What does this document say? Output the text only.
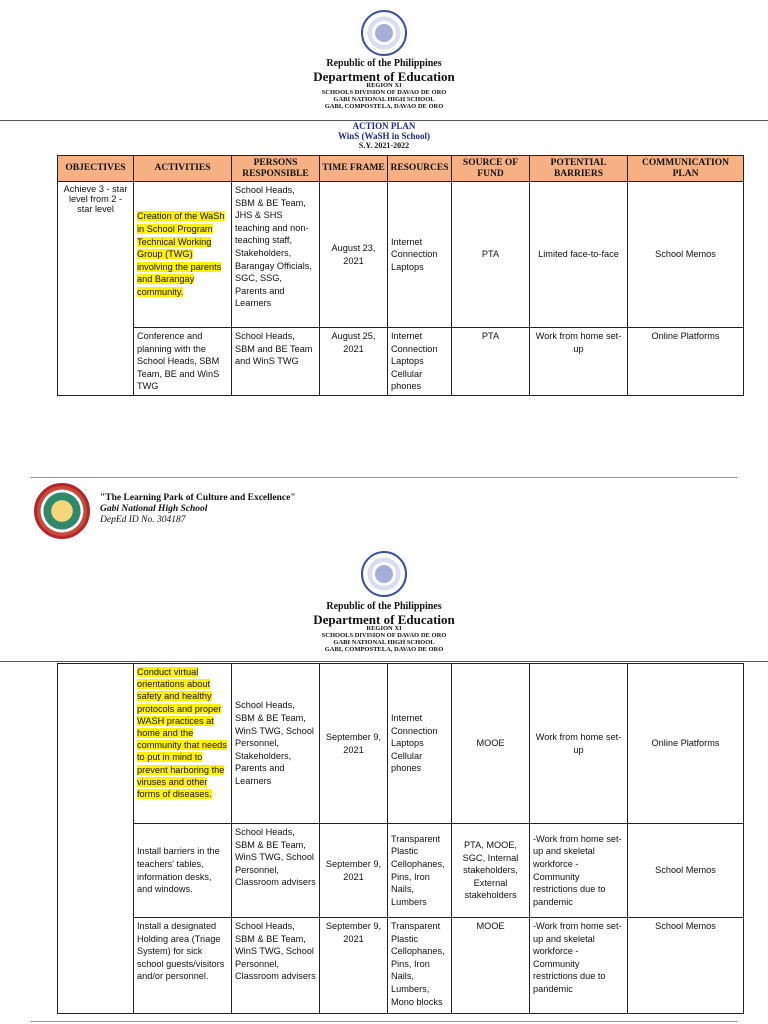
Republic of the Philippines
Department of Education
REGION XI
SCHOOLS DIVISION OF DAVAO DE ORO
GABI NATIONAL HIGH SCHOOL
GABI, COMPOSTELA, DAVAO DE ORO
ACTION PLAN
WinS (WaSH in School)
S.Y. 2021-2022
OBJECTIVES	ACTIVITIES	PERSONS RESPONSIBLE	TIME FRAME	RESOURCES	SOURCE OF FUND	POTENTIAL BARRIERS	COMMUNICATION PLAN
Achieve 3 - star level from 2 - star level	Creation of the WaSh in School Program Technical Working Group (TWG) involving the parents and Barangay community.	School Heads, SBM & BE Team, JHS & SHS teaching and non-teaching staff, Stakeholders, Barangay Officials, SGC, SSG, Parents and Learners	August 23, 2021	Internet Connection Laptops	PTA	Limited face-to-face	School Memos
	Conference and planning with the School Heads, SBM Team, BE and WinS TWG	School Heads, SBM and BE Team and WinS TWG	August 25, 2021	Internet Connection Laptops Cellular phones	PTA	Work from home set-up	Online Platforms
"The Learning Park of Culture and Excellence"
Gabi National High School
DepEd ID No. 304187
Republic of the Philippines
Department of Education
REGION XI
SCHOOLS DIVISION OF DAVAO DE ORO
GABI NATIONAL HIGH SCHOOL
GABI, COMPOSTELA, DAVAO DE ORO
	Conduct virtual orientations about safety and healthy protocols and proper WASH practices at home and the community that needs to put in mind to prevent harboring the viruses and other forms of diseases.	School Heads, SBM & BE Team, WinS TWG, School Personnel, Stakeholders, Parents and Learners	September 9, 2021	Internet Connection Laptops Cellular phones	MOOE	Work from home set-up	Online Platforms
	Install barriers in the teachers' tables, information desks, and windows.	School Heads, SBM & BE Team, WinS TWG, School Personnel, Classroom advisers	September 9, 2021	Transparent Plastic Cellophanes, Pins, Iron Nails, Lumbers	PTA, MOOE, SGC, Internal stakeholders, External stakeholders	-Work from home set-up and skeletal workforce -Community restrictions due to pandemic	School Memos
	Install a designated Holding area (Triage System) for sick school guests/visitors and/or personnel.	School Heads, SBM & BE Team, WinS TWG, School Personnel, Classroom advisers	September 9, 2021	Transparent Plastic Cellophanes, Pins, Iron Nails, Lumbers, Mono blocks	MOOE	-Work from home set-up and skeletal workforce -Community restrictions due to pandemic	School Memos
